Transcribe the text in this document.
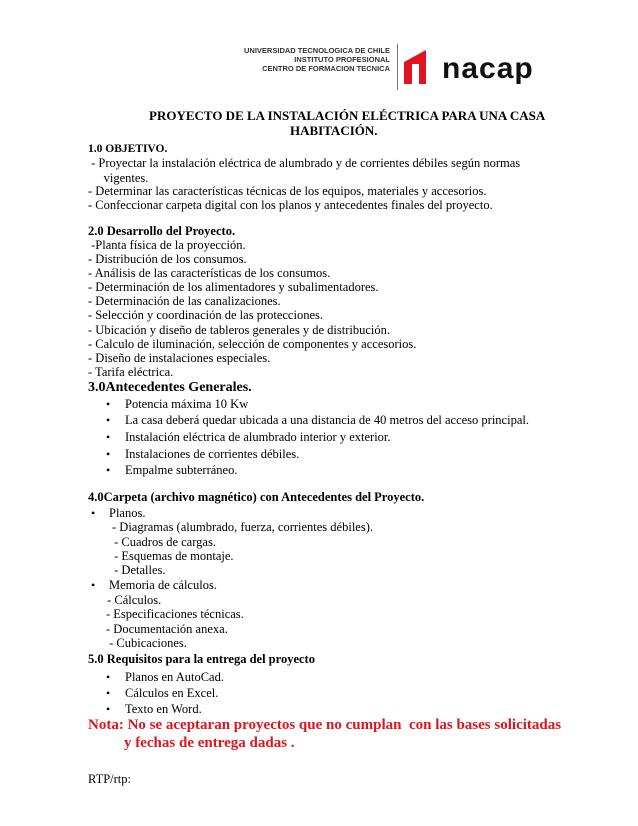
UNIVERSIDAD TECNOLOGICA DE CHILE
INSTITUTO PROFESIONAL
CENTRO DE FORMACION TECNICA nacap
PROYECTO DE LA INSTALACIÓN ELÉCTRICA PARA UNA CASA
HABITACIÓN.
1.0 OBJETIVO.
- Proyectar la instalación eléctrica de alumbrado y de corrientes débiles según normas
vigentes.
- Determinar las características técnicas de los equipos, materiales y accesorios.
- Confeccionar carpeta digital con los planos y antecedentes finales del proyecto.
2.0 Desarrollo del Proyecto.
-Planta física de la proyección.
- Distribución de los consumos.
- Análisis de las características de los consumos.
- Determinación de los alimentadores y subalimentadores.
- Determinación de las canalizaciones.
- Selección y coordinación de las protecciones.
- Ubicación y diseño de tableros generales y de distribución.
- Calculo de iluminación, selección de componentes y accesorios.
- Diseño de instalaciones especiales.
- Tarifa eléctrica.
3.0Antecedentes Generales.
• Potencia máxima 10 Kw
• La casa deberá quedar ubicada a una distancia de 40 metros del acceso principal.
• Instalación eléctrica de alumbrado interior y exterior.
• Instalaciones de corrientes débiles.
• Empalme subterráneo.
4.0Carpeta (archivo magnético) con Antecedentes del Proyecto.
• Planos.
- Diagramas (alumbrado, fuerza, corrientes débiles).
- Cuadros de cargas.
- Esquemas de montaje.
- Detalles.
• Memoria de cálculos.
- Cálculos.
- Especificaciones técnicas.
- Documentación anexa.
- Cubicaciones.
5.0 Requisitos para la entrega del proyecto
• Planos en AutoCad.
• Cálculos en Excel.
• Texto en Word.
Nota: No se aceptaran proyectos que no cumplan  con las bases solicitadas
y fechas de entrega dadas .
RTP/rtp:
